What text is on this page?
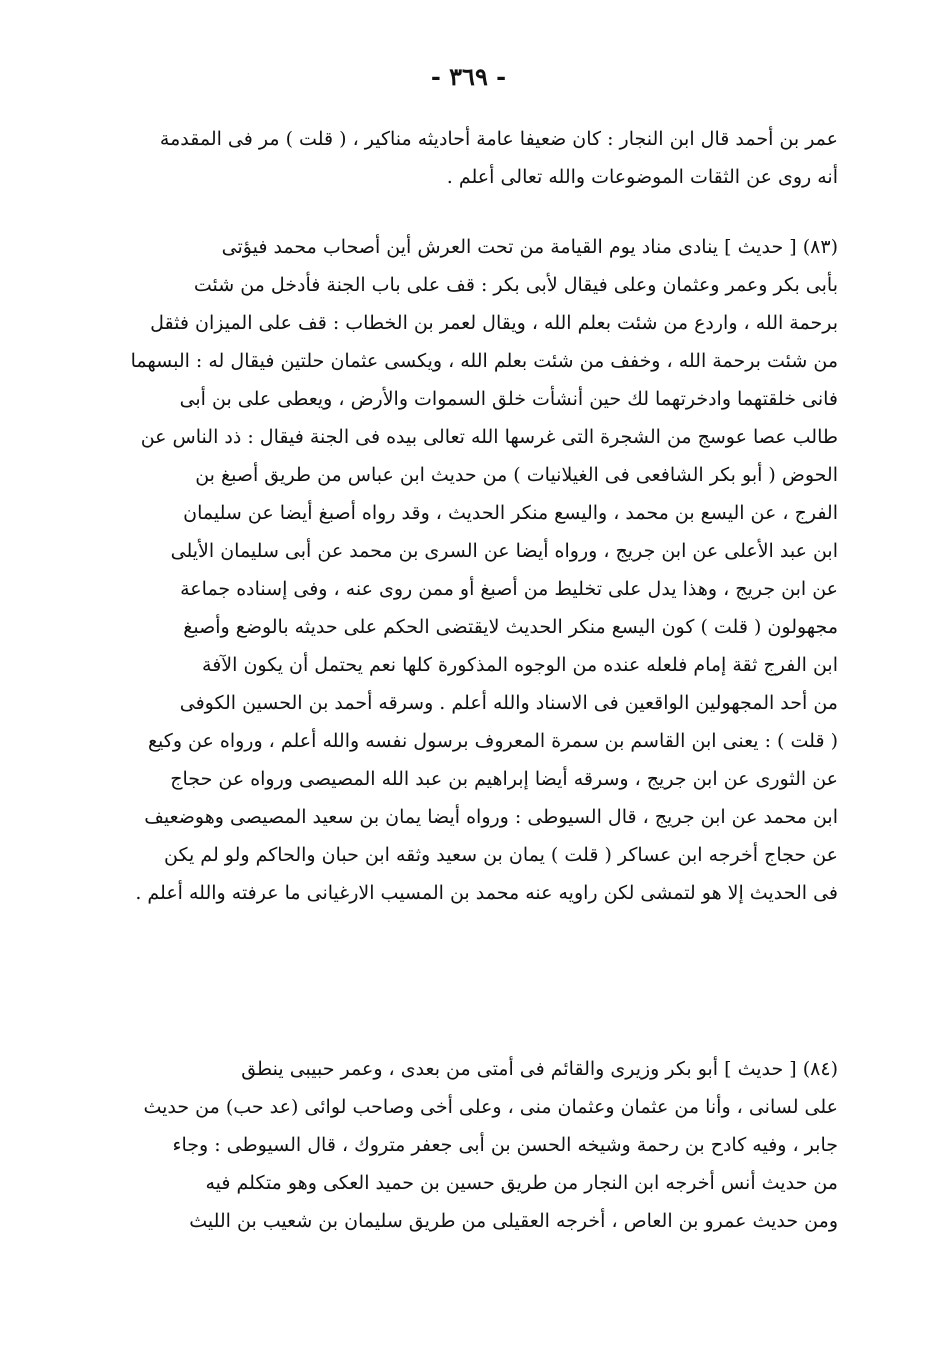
- ٣٦٩ -
عمر بن أحمد قال ابن النجار : كان ضعيفا عامة أحاديثه مناكير ، ( قلت ) مر فى المقدمة
أنه روى عن الثقات الموضوعات والله تعالى أعلم .
(٨٣) [ حديث ] ينادى مناد يوم القيامة من تحت العرش أين أصحاب محمد فيؤتى
بأبى بكر وعمر وعثمان وعلى فيقال لأبى بكر : قف على باب الجنة فأدخل من شئت
برحمة الله ، واردع من شئت بعلم الله ، ويقال لعمر بن الخطاب : قف على الميزان فثقل
من شئت برحمة الله ، وخفف من شئت بعلم الله ، ويكسى عثمان حلتين فيقال له : البسهما
فانى خلقتهما وادخرتهما لك حين أنشأت خلق السموات والأرض ، ويعطى على بن أبى
طالب عصا عوسج من الشجرة التى غرسها الله تعالى بيده فى الجنة فيقال : ذد الناس عن
الحوض ( أبو بكر الشافعى فى الغيلانيات ) من حديث ابن عباس من طريق أصبغ بن
الفرج ، عن اليسع بن محمد ، واليسع منكر الحديث ، وقد رواه أصبغ أيضا عن سليمان
ابن عبد الأعلى عن ابن جريج ، ورواه أيضا عن السرى بن محمد عن أبى سليمان الأيلى
عن ابن جريج ، وهذا يدل على تخليط من أصبغ أو ممن روى عنه ، وفى إسناده جماعة
مجهولون ( قلت ) كون اليسع منكر الحديث لايقتضى الحكم على حديثه بالوضع وأصبغ
ابن الفرج ثقة إمام فلعله عنده من الوجوه المذكورة كلها نعم يحتمل أن يكون الآفة
من أحد المجهولين الواقعين فى الاسناد والله أعلم . وسرقه أحمد بن الحسين الكوفى
( قلت ) : يعنى ابن القاسم بن سمرة المعروف برسول نفسه والله أعلم ، ورواه عن وكيع
عن الثورى عن ابن جريج ، وسرقه أيضا إبراهيم بن عبد الله المصيصى ورواه عن حجاج
ابن محمد عن ابن جريج ، قال السيوطى : ورواه أيضا يمان بن سعيد المصيصى وهوضعيف
عن حجاج أخرجه ابن عساكر ( قلت ) يمان بن سعيد وثقه ابن حبان والحاكم ولو لم يكن
فى الحديث إلا هو لتمشى لكن راويه عنه محمد بن المسيب الارغيانى ما عرفته والله أعلم .
(٨٤) [ حديث ] أبو بكر وزيرى والقائم فى أمتى من بعدى ، وعمر حبيبى ينطق
على لسانى ، وأنا من عثمان وعثمان منى ، وعلى أخى وصاحب لوائى (عد حب) من حديث
جابر ، وفيه كادح بن رحمة وشيخه الحسن بن أبى جعفر متروك ، قال السيوطى : وجاء
من حديث أنس أخرجه ابن النجار من طريق حسين بن حميد العكى وهو متكلم فيه
ومن حديث عمرو بن العاص ، أخرجه العقيلى من طريق سليمان بن شعيب بن الليث
